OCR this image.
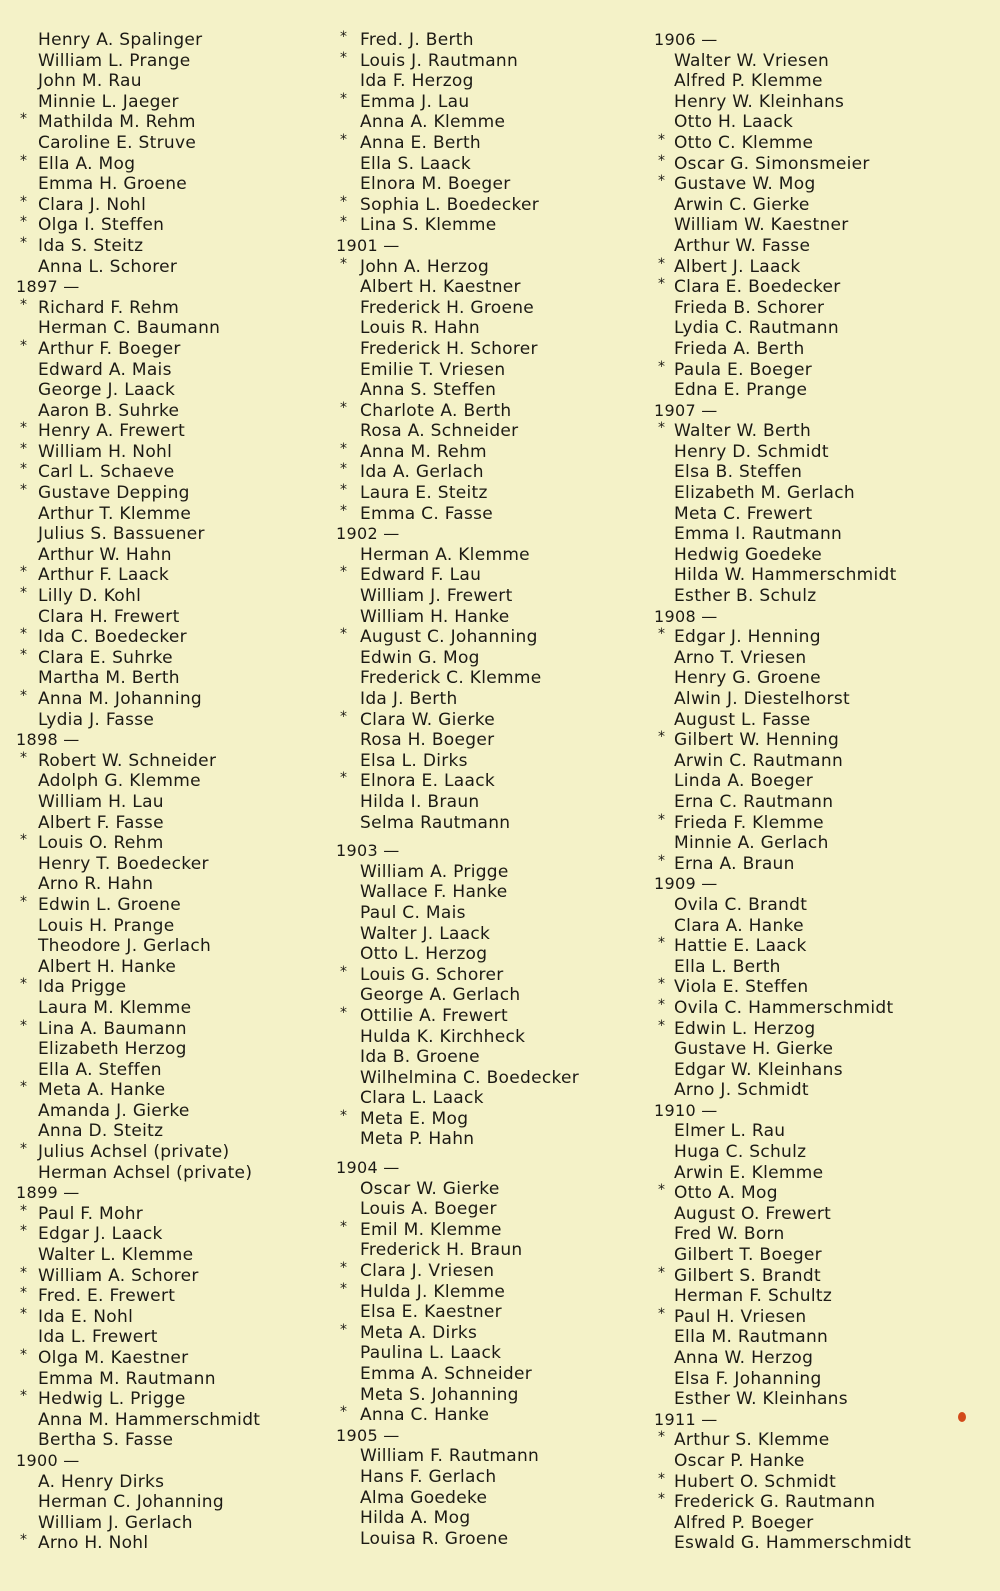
Henry A. Spalinger
William L. Prange
John M. Rau
Minnie L. Jaeger
* Mathilda M. Rehm
Caroline E. Struve
* Ella A. Mog
Emma H. Groene
* Clara J. Nohl
* Olga I. Steffen
* Ida S. Steitz
Anna L. Schorer
1897 —
* Richard F. Rehm
Herman C. Baumann
* Arthur F. Boeger
Edward A. Mais
George J. Laack
Aaron B. Suhrke
* Henry A. Frewert
* William H. Nohl
* Carl L. Schaeve
* Gustave Depping
Arthur T. Klemme
Julius S. Bassuener
Arthur W. Hahn
* Arthur F. Laack
* Lilly D. Kohl
Clara H. Frewert
* Ida C. Boedecker
* Clara E. Suhrke
Martha M. Berth
* Anna M. Johanning
Lydia J. Fasse
1898 —
* Robert W. Schneider
Adolph G. Klemme
William H. Lau
Albert F. Fasse
* Louis O. Rehm
Henry T. Boedecker
Arno R. Hahn
* Edwin L. Groene
Louis H. Prange
Theodore J. Gerlach
Albert H. Hanke
* Ida Prigge
Laura M. Klemme
* Lina A. Baumann
Elizabeth Herzog
Ella A. Steffen
* Meta A. Hanke
Amanda J. Gierke
Anna D. Steitz
* Julius Achsel (private)
Herman Achsel (private)
1899 —
* Paul F. Mohr
* Edgar J. Laack
Walter L. Klemme
* William A. Schorer
* Fred. E. Frewert
* Ida E. Nohl
Ida L. Frewert
* Olga M. Kaestner
Emma M. Rautmann
* Hedwig L. Prigge
Anna M. Hammerschmidt
Bertha S. Fasse
1900 —
A. Henry Dirks
Herman C. Johanning
William J. Gerlach
* Arno H. Nohl
* Fred. J. Berth
* Louis J. Rautmann
Ida F. Herzog
* Emma J. Lau
Anna A. Klemme
* Anna E. Berth
Ella S. Laack
Elnora M. Boeger
* Sophia L. Boedecker
* Lina S. Klemme
1901 —
* John A. Herzog
Albert H. Kaestner
Frederick H. Groene
Louis R. Hahn
Frederick H. Schorer
Emilie T. Vriesen
Anna S. Steffen
* Charlote A. Berth
Rosa A. Schneider
* Anna M. Rehm
* Ida A. Gerlach
* Laura E. Steitz
* Emma C. Fasse
1902 —
Herman A. Klemme
* Edward F. Lau
William J. Frewert
William H. Hanke
* August C. Johanning
Edwin G. Mog
Frederick C. Klemme
Ida J. Berth
* Clara W. Gierke
Rosa H. Boeger
Elsa L. Dirks
* Elnora E. Laack
Hilda I. Braun
Selma Rautmann
1903 —
William A. Prigge
Wallace F. Hanke
Paul C. Mais
Walter J. Laack
Otto L. Herzog
* Louis G. Schorer
George A. Gerlach
* Ottilie A. Frewert
Hulda K. Kirchheck
Ida B. Groene
Wilhelmina C. Boedecker
Clara L. Laack
* Meta E. Mog
Meta P. Hahn
1904 —
Oscar W. Gierke
Louis A. Boeger
* Emil M. Klemme
Frederick H. Braun
* Clara J. Vriesen
* Hulda J. Klemme
Elsa E. Kaestner
* Meta A. Dirks
Paulina L. Laack
Emma A. Schneider
Meta S. Johanning
* Anna C. Hanke
1905 —
William F. Rautmann
Hans F. Gerlach
Alma Goedeke
Hilda A. Mog
Louisa R. Groene
1906 —
Walter W. Vriesen
Alfred P. Klemme
Henry W. Kleinhans
Otto H. Laack
* Otto C. Klemme
* Oscar G. Simonsmeier
* Gustave W. Mog
Arwin C. Gierke
William W. Kaestner
Arthur W. Fasse
* Albert J. Laack
* Clara E. Boedecker
Frieda B. Schorer
Lydia C. Rautmann
Frieda A. Berth
* Paula E. Boeger
Edna E. Prange
1907 —
* Walter W. Berth
Henry D. Schmidt
Elsa B. Steffen
Elizabeth M. Gerlach
Meta C. Frewert
Emma I. Rautmann
Hedwig Goedeke
Hilda W. Hammerschmidt
Esther B. Schulz
1908 —
* Edgar J. Henning
Arno T. Vriesen
Henry G. Groene
Alwin J. Diestelhorst
August L. Fasse
* Gilbert W. Henning
Arwin C. Rautmann
Linda A. Boeger
Erna C. Rautmann
* Frieda F. Klemme
Minnie A. Gerlach
* Erna A. Braun
1909 —
Ovila C. Brandt
Clara A. Hanke
* Hattie E. Laack
Ella L. Berth
* Viola E. Steffen
* Ovila C. Hammerschmidt
* Edwin L. Herzog
Gustave H. Gierke
Edgar W. Kleinhans
Arno J. Schmidt
1910 —
Elmer L. Rau
Huga C. Schulz
Arwin E. Klemme
* Otto A. Mog
August O. Frewert
Fred W. Born
Gilbert T. Boeger
* Gilbert S. Brandt
Herman F. Schultz
* Paul H. Vriesen
Ella M. Rautmann
Anna W. Herzog
Elsa F. Johanning
Esther W. Kleinhans
1911 —
* Arthur S. Klemme
Oscar P. Hanke
* Hubert O. Schmidt
* Frederick G. Rautmann
Alfred P. Boeger
Eswald G. Hammerschmidt
